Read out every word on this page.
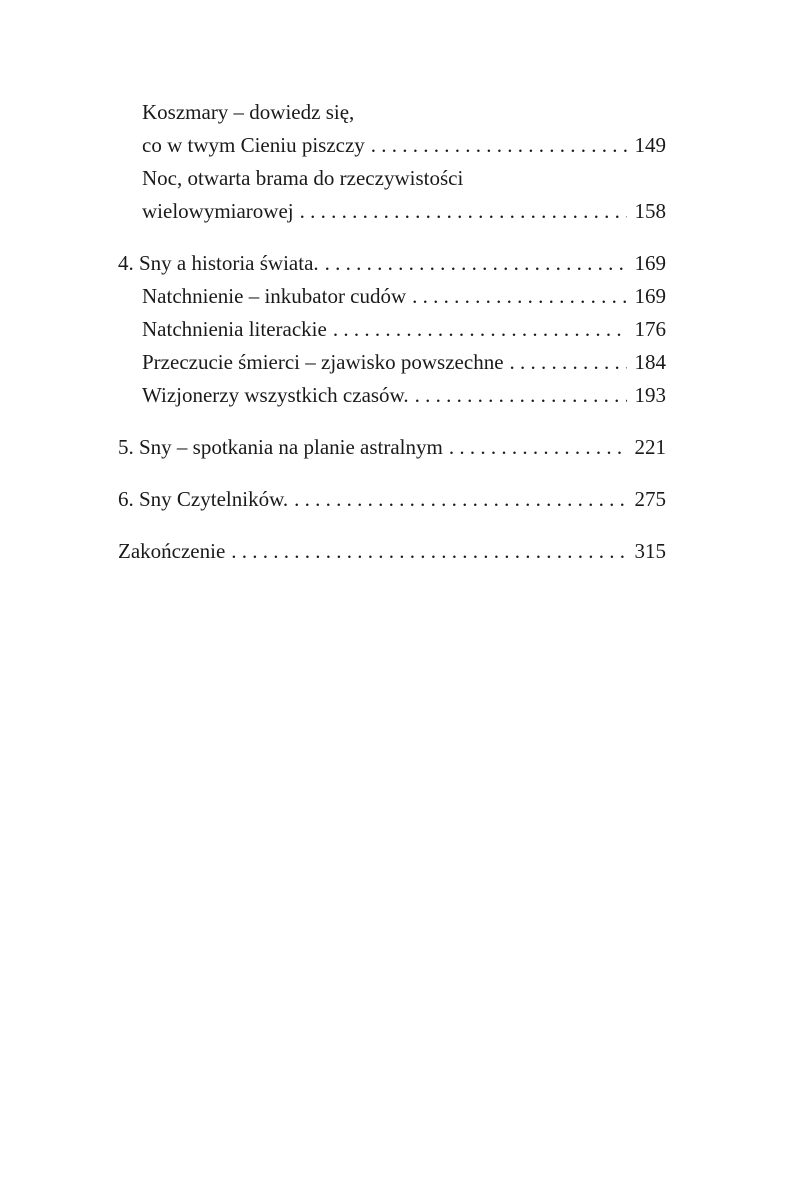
Koszmary – dowiedz się,
co w twym Cieniu piszczy . . .	149
Noc, otwarta brama do rzeczywistości
wielowymiarowej . . .	158
4. Sny a historia świata. . . .	169
Natchnienie – inkubator cudów . . .	169
Natchnienia literackie . . .	176
Przeczucie śmierci – zjawisko powszechne . . .	184
Wizjonerzy wszystkich czasów. . . .	193
5. Sny – spotkania na planie astralnym . . .	221
6. Sny Czytelników. . . .	275
Zakończenie . . .	315
